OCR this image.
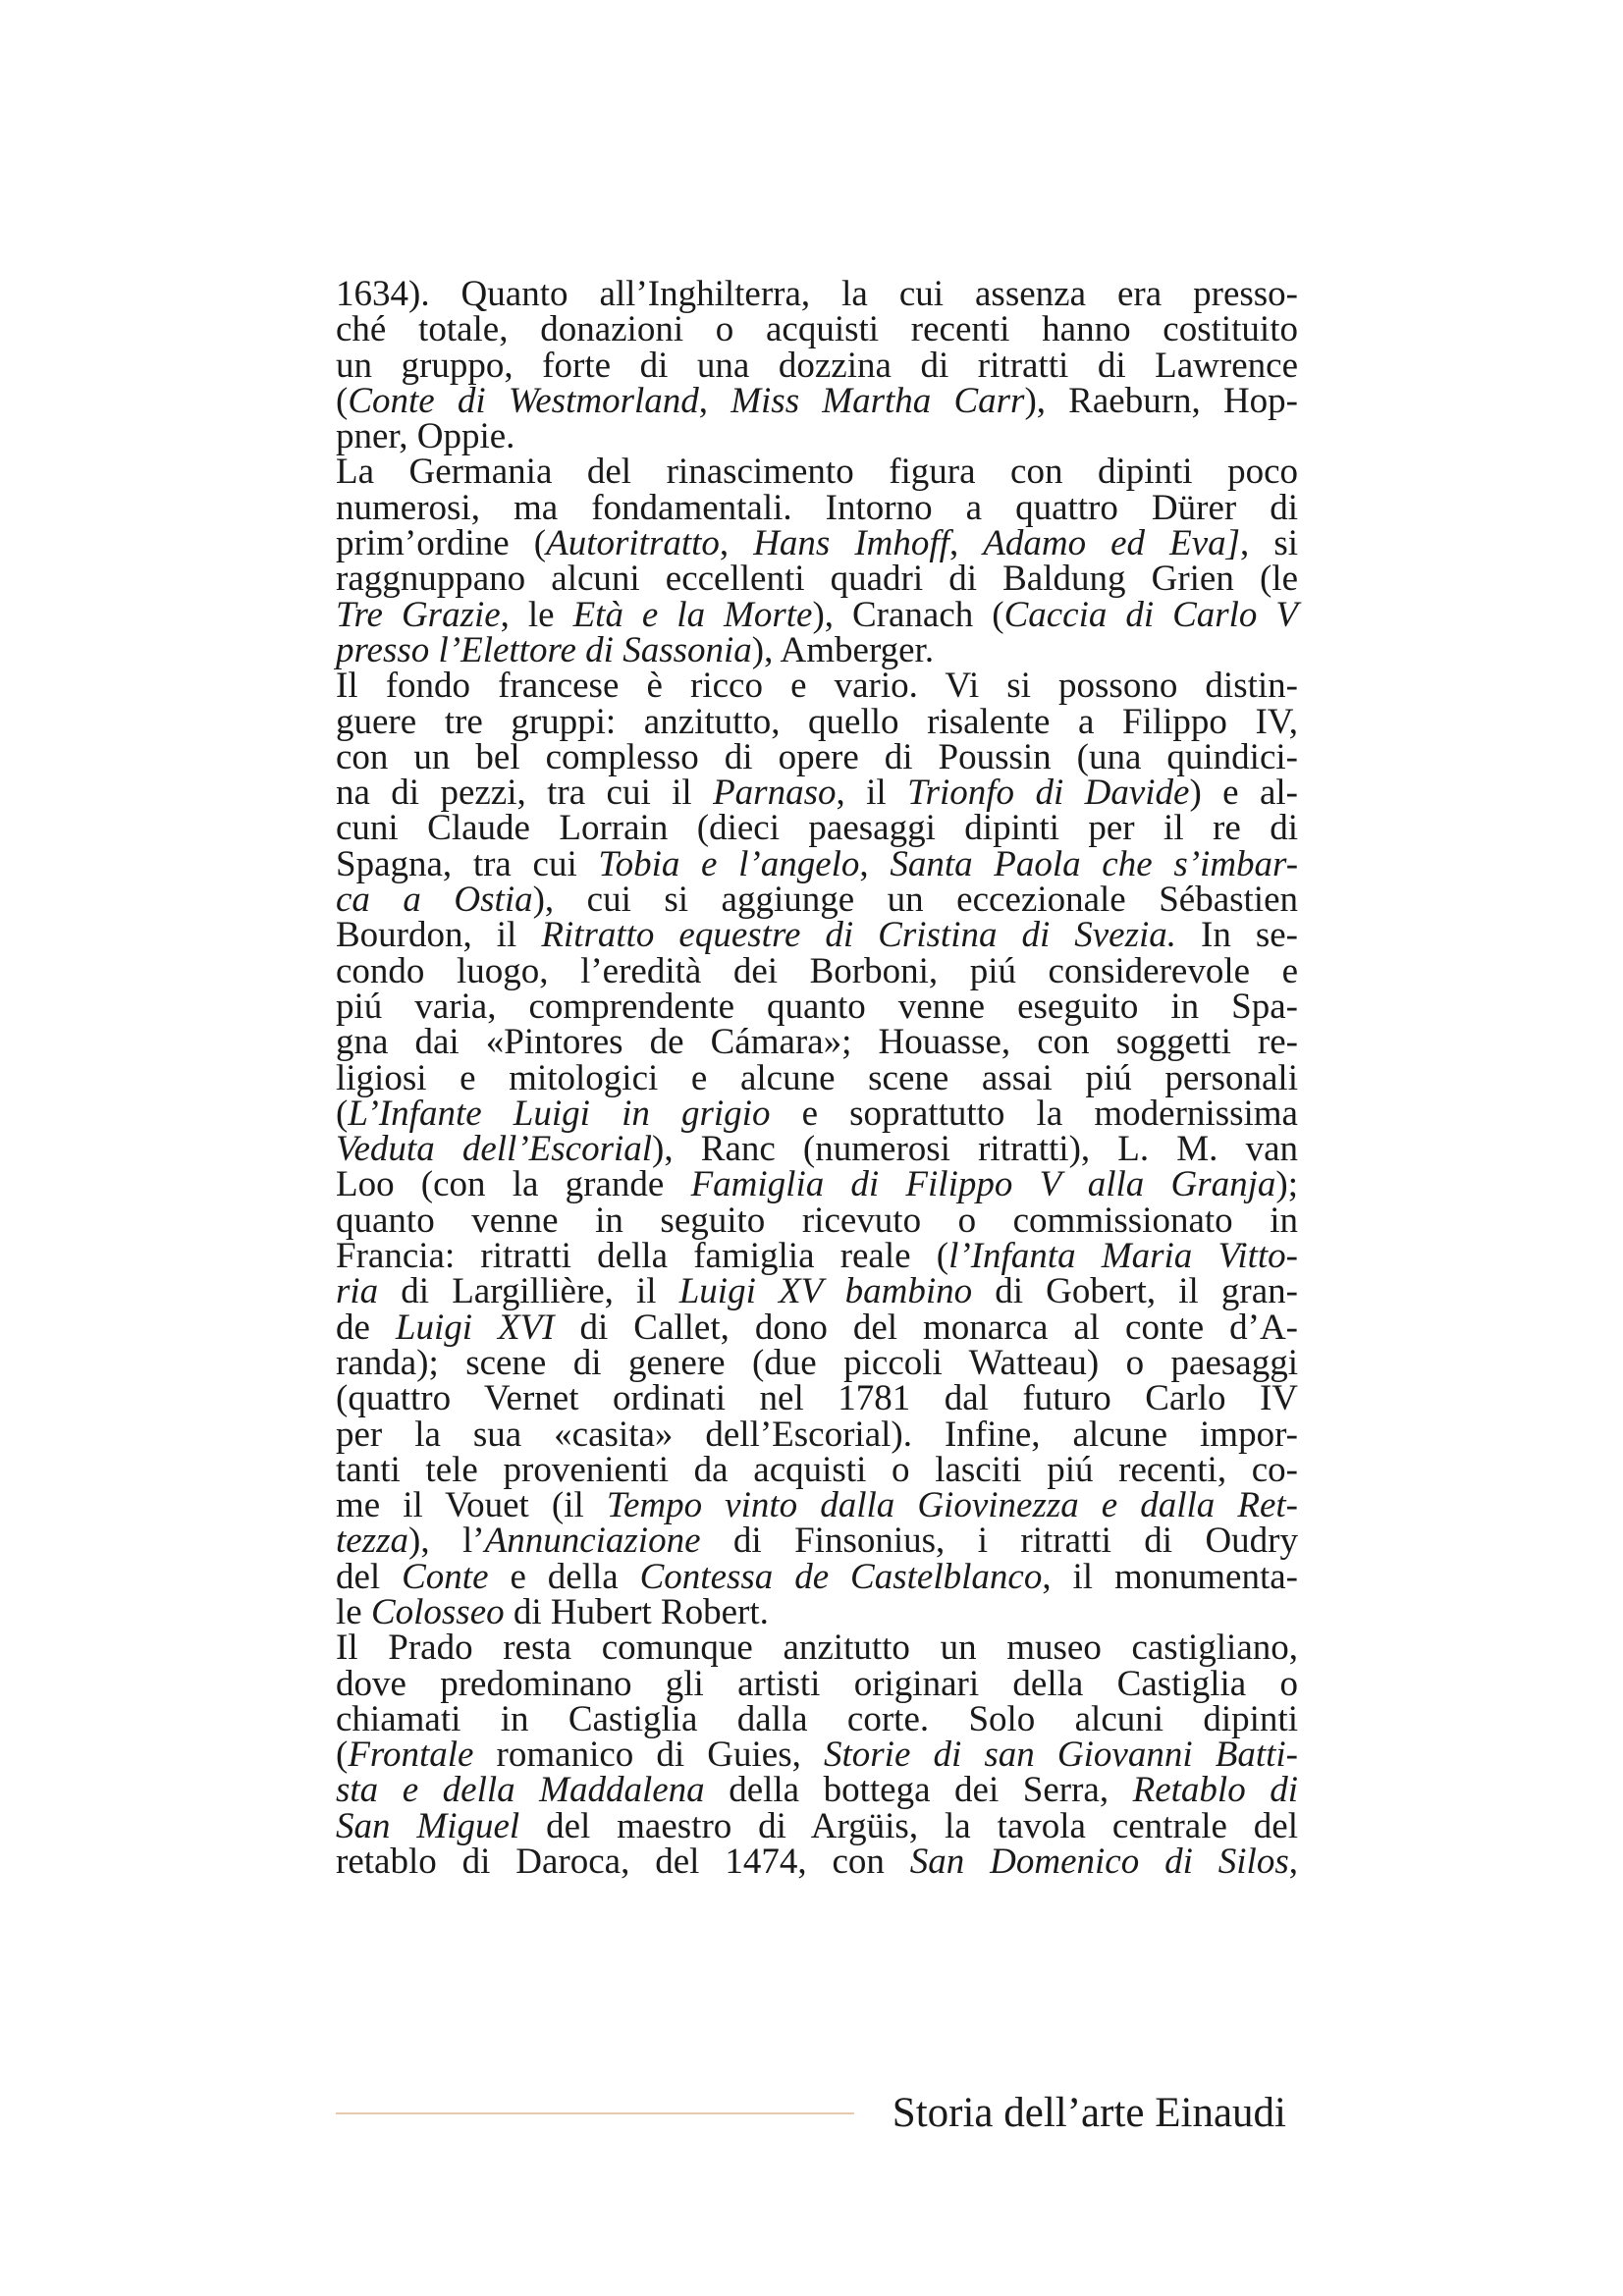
1634). Quanto all’Inghilterra, la cui assenza era presso-
ché totale, donazioni o acquisti recenti hanno costituito
un gruppo, forte di una dozzina di ritratti di Lawrence
(Conte di Westmorland, Miss Martha Carr), Raeburn, Hop-
pner, Oppie.
La Germania del rinascimento figura con dipinti poco
numerosi, ma fondamentali. Intorno a quattro Dürer di
prim’ordine (Autoritratto, Hans Imhoff, Adamo ed Eva], si
raggnuppano alcuni eccellenti quadri di Baldung Grien (le
Tre Grazie, le Età e la Morte), Cranach (Caccia di Carlo V
presso l’Elettore di Sassonia), Amberger.
Il fondo francese è ricco e vario. Vi si possono distin-
guere tre gruppi: anzitutto, quello risalente a Filippo IV,
con un bel complesso di opere di Poussin (una quindici-
na di pezzi, tra cui il Parnaso, il Trionfo di Davide) e al-
cuni Claude Lorrain (dieci paesaggi dipinti per il re di
Spagna, tra cui Tobia e l’angelo, Santa Paola che s’imbar-
ca a Ostia), cui si aggiunge un eccezionale Sébastien
Bourdon, il Ritratto equestre di Cristina di Svezia. In se-
condo luogo, l’eredità dei Borboni, piú considerevole e
piú varia, comprendente quanto venne eseguito in Spa-
gna dai «Pintores de Cámara»; Houasse, con soggetti re-
ligiosi e mitologici e alcune scene assai piú personali
(L’Infante Luigi in grigio e soprattutto la modernissima
Veduta dell’Escorial), Ranc (numerosi ritratti), L. M. van
Loo (con la grande Famiglia di Filippo V alla Granja);
quanto venne in seguito ricevuto o commissionato in
Francia: ritratti della famiglia reale (l’Infanta Maria Vitto-
ria di Largillière, il Luigi XV bambino di Gobert, il gran-
de Luigi XVI di Callet, dono del monarca al conte d’A-
randa); scene di genere (due piccoli Watteau) o paesaggi
(quattro Vernet ordinati nel 1781 dal futuro Carlo IV
per la sua «casita» dell’Escorial). Infine, alcune impor-
tanti tele provenienti da acquisti o lasciti piú recenti, co-
me il Vouet (il Tempo vinto dalla Giovinezza e dalla Ret-
tezza), l’Annunciazione di Finsonius, i ritratti di Oudry
del Conte e della Contessa de Castelblanco, il monumenta-
le Colosseo di Hubert Robert.
Il Prado resta comunque anzitutto un museo castigliano,
dove predominano gli artisti originari della Castiglia o
chiamati in Castiglia dalla corte. Solo alcuni dipinti
(Frontale romanico di Guies, Storie di san Giovanni Batti-
sta e della Maddalena della bottega dei Serra, Retablo di
San Miguel del maestro di Argüis, la tavola centrale del
retablo di Daroca, del 1474, con San Domenico di Silos,
Storia dell’arte Einaudi
